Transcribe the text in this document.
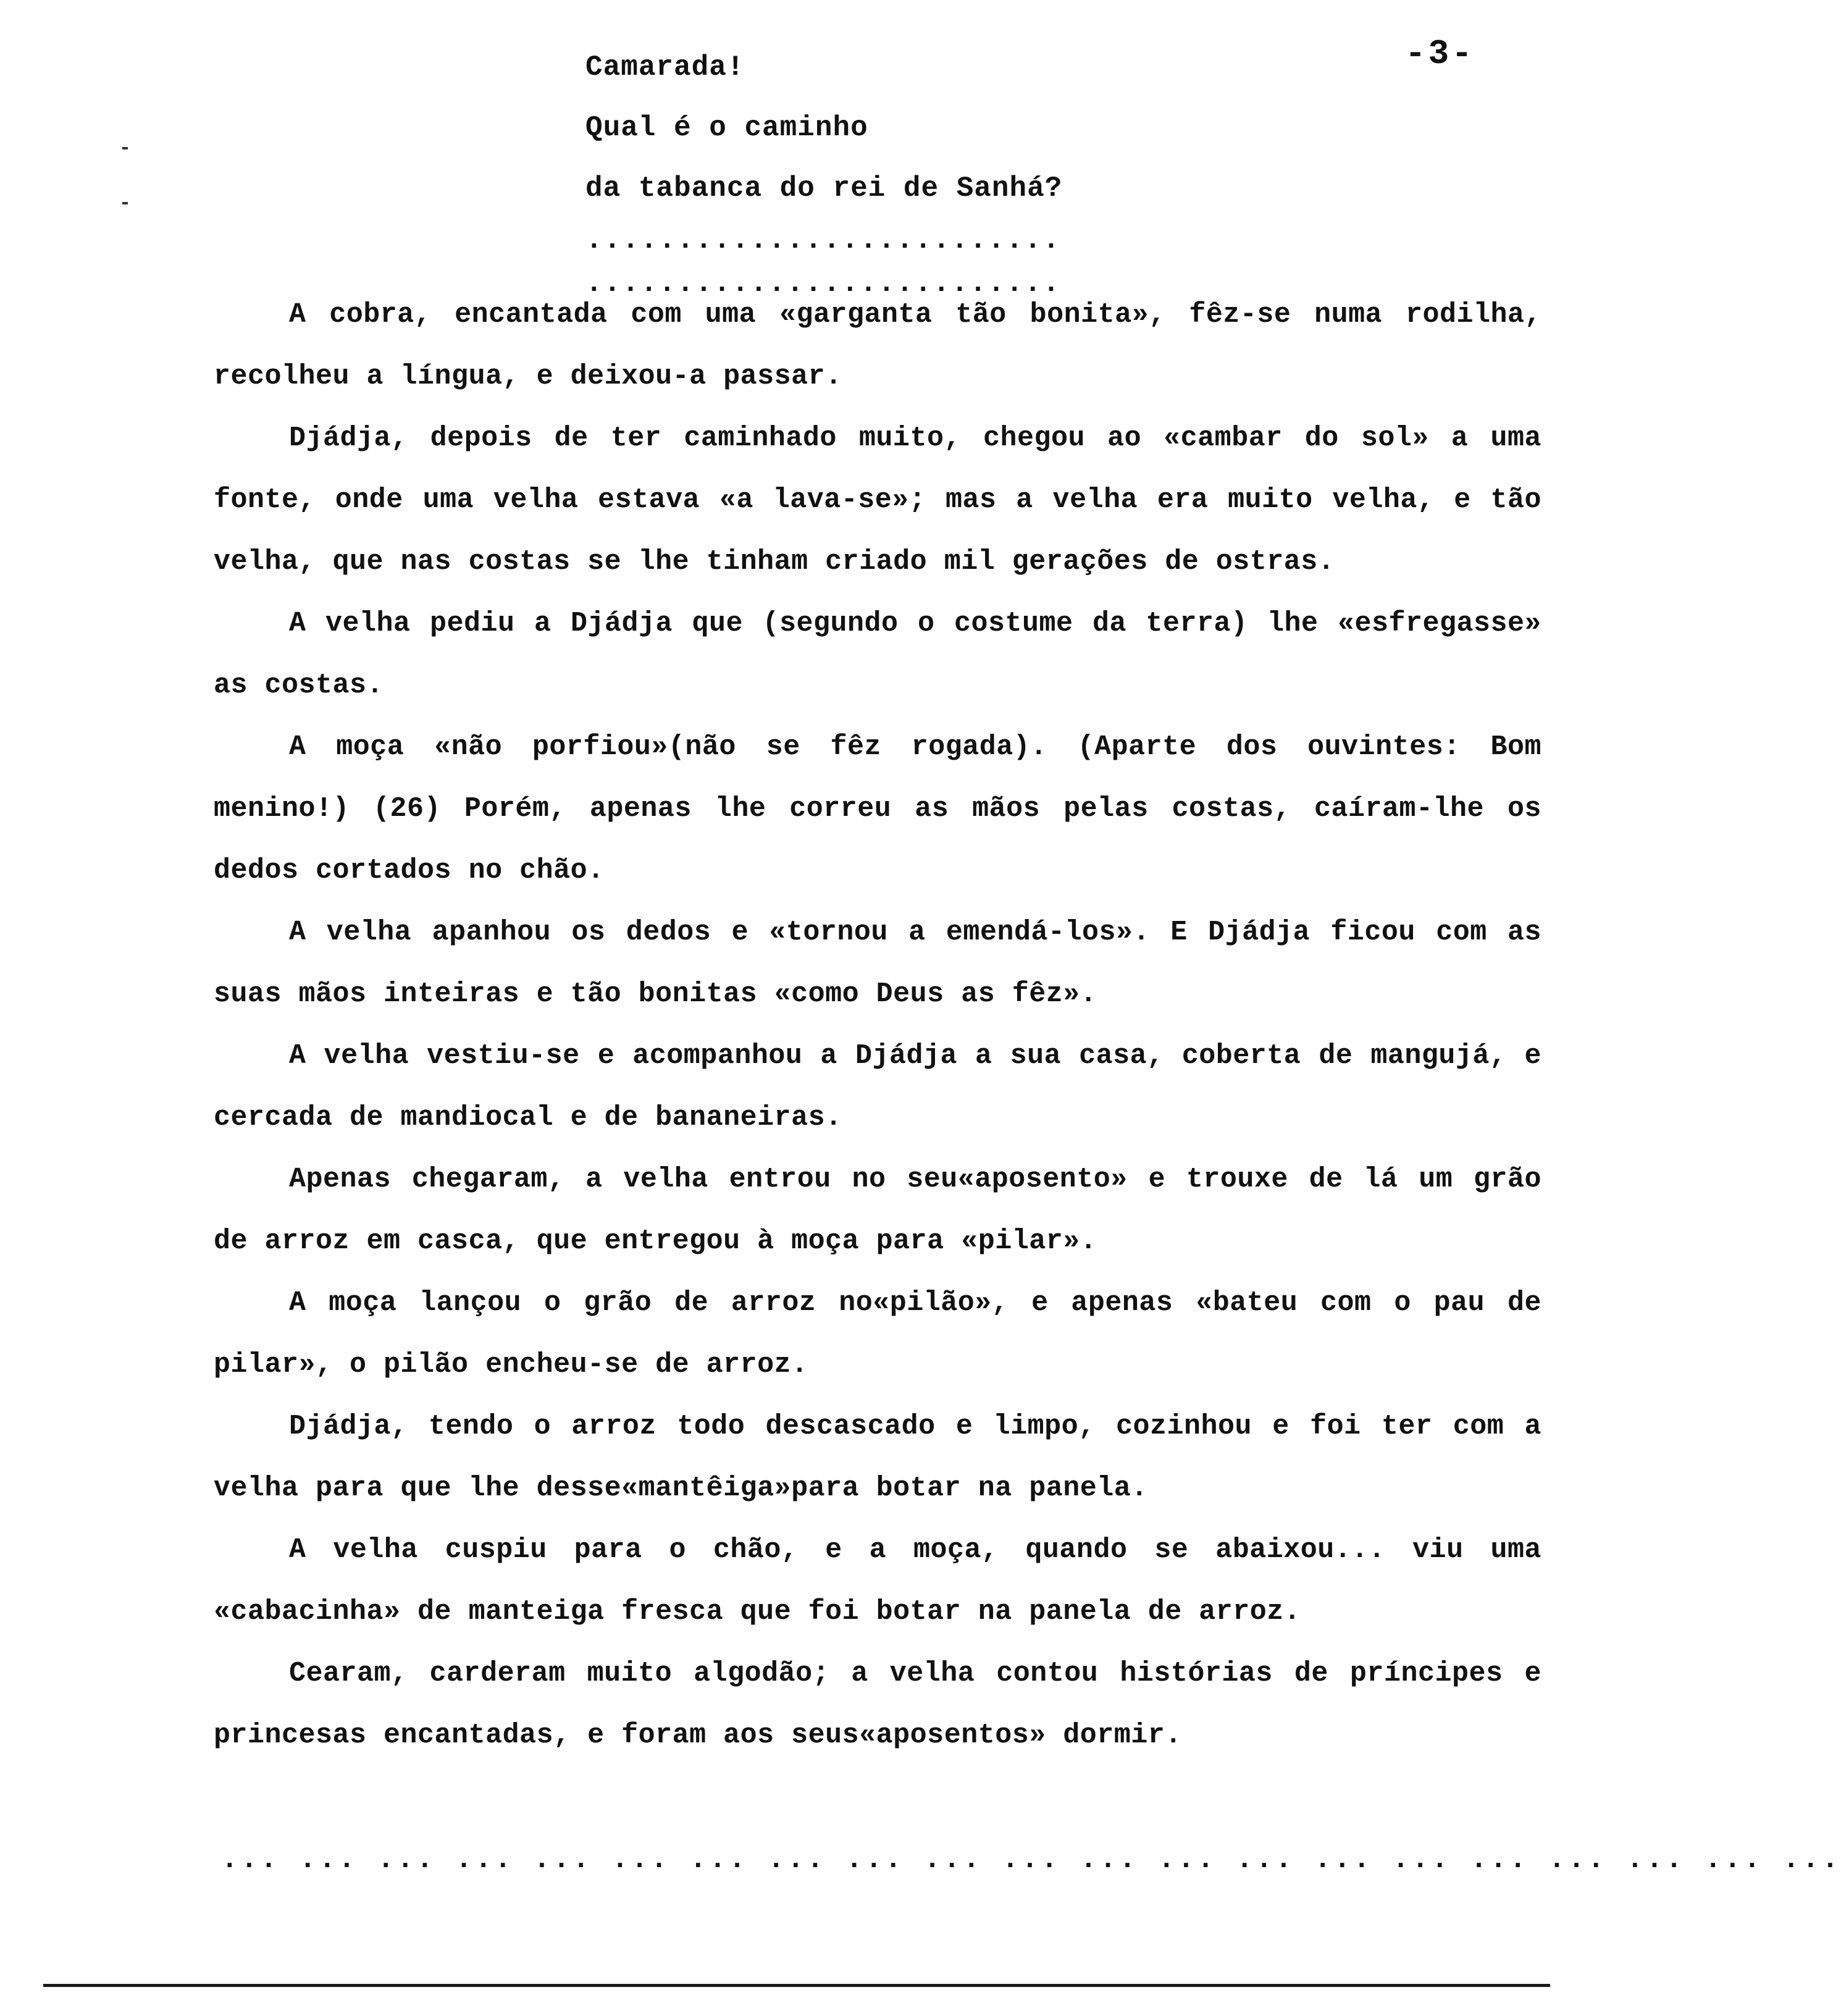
-3-
Camarada!
Qual é o caminho
da tabanca do rei de Sanhá?
..........................
..........................

A cobra, encantada com uma «garganta tão bonita», fêz-se numa rodilha, recolheu a língua, e deixou-a passar.

Djádja, depois de ter caminhado muito, chegou ao «cambar do sol» a uma fonte, onde uma velha estava «a lava-se»; mas a velha era muito velha, e tão velha, que nas costas se lhe tinham criado mil gerações de ostras.

A velha pediu a Djádja que (segundo o costume da terra) lhe «esfregasse» as costas.

A moça «não porfiou»(não se fêz rogada). (Aparte dos ouvintes: Bom menino!) (26) Porém, apenas lhe correu as mãos pelas costas, caíram-lhe os dedos cortados no chão.

A velha apanhou os dedos e «tornou a emendá-los». E Djádja ficou com as suas mãos inteiras e tão bonitas «como Deus as fêz».

A velha vestiu-se e acompanhou a Djádja a sua casa, coberta de mangujá, e cercada de mandiocal e de bananeiras.

Apenas chegaram, a velha entrou no seu«aposento» e trouxe de lá um grão de arroz em casca, que entregou à moça para «pilar».

A moça lançou o grão de arroz no«pilão», e apenas «bateu com o pau de pilar», o pilão encheu-se de arroz.

Djádja, tendo o arroz todo descascado e limpo, cozinhou e foi ter com a velha para que lhe desse«mantêiga»para botar na panela.

A velha cuspiu para o chão, e a moça, quando se abaixou... viu uma «cabacinha» de manteiga fresca que foi botar na panela de arroz.

Cearam, carderam muito algodão; a velha contou histórias de príncipes e princesas encantadas, e foram aos seus«aposentos» dormir.

... ... ... ... ... ... ... ... ... ... ... ... ... ... ... ... ... ... ... ... ...
